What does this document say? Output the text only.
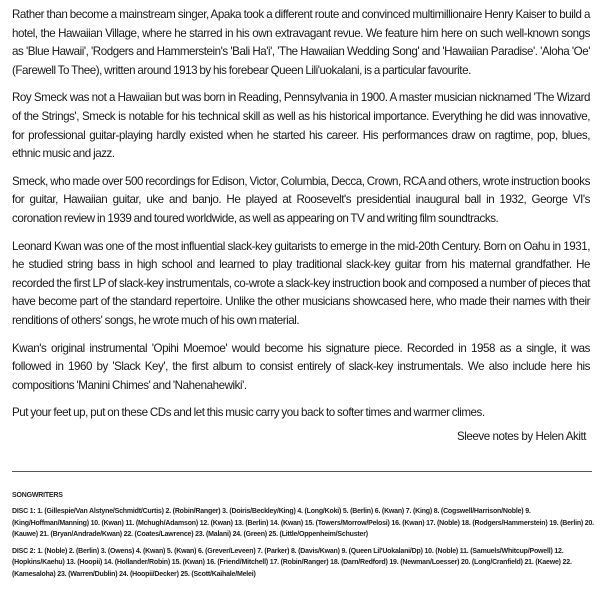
Rather than become a mainstream singer, Apaka took a different route and convinced multimillionaire Henry Kaiser to build a hotel, the Hawaiian Village, where he starred in his own extravagant revue. We feature him here on such well-known songs as 'Blue Hawaii', 'Rodgers and Hammerstein's 'Bali Ha'i', 'The Hawaiian Wedding Song' and 'Hawaiian Paradise'. 'Aloha 'Oe' (Farewell To Thee), written around 1913 by his forebear Queen Lili'uokalani, is a particular favourite.

Roy Smeck was not a Hawaiian but was born in Reading, Pennsylvania in 1900. A master musician nicknamed 'The Wizard of the Strings', Smeck is notable for his technical skill as well as his historical importance. Everything he did was innovative, for professional guitar-playing hardly existed when he started his career. His performances draw on ragtime, pop, blues, ethnic music and jazz.

Smeck, who made over 500 recordings for Edison, Victor, Columbia, Decca, Crown, RCA and others, wrote instruction books for guitar, Hawaiian guitar, uke and banjo. He played at Roosevelt's presidential inaugural ball in 1932, George VI's coronation review in 1939 and toured worldwide, as well as appearing on TV and writing film soundtracks.

Leonard Kwan was one of the most influential slack-key guitarists to emerge in the mid-20th Century. Born on Oahu in 1931, he studied string bass in high school and learned to play traditional slack-key guitar from his maternal grandfather. He recorded the first LP of slack-key instrumentals, co-wrote a slack-key instruction book and composed a number of pieces that have become part of the standard repertoire. Unlike the other musicians showcased here, who made their names with their renditions of others' songs, he wrote much of his own material.

Kwan's original instrumental 'Opihi Moemoe' would become his signature piece. Recorded in 1958 as a single, it was followed in 1960 by 'Slack Key', the first album to consist entirely of slack-key instrumentals. We also include here his compositions 'Manini Chimes' and 'Nahenahewiki'.

Put your feet up, put on these CDs and let this music carry you back to softer times and warmer climes.

Sleeve notes by Helen Akitt
SONGWRITERS

DISC 1: 1. (Gillespie/Van Alstyne/Schmidt/Curtis) 2. (Robin/Ranger) 3. (Doiris/Beckley/King) 4. (Long/Koki) 5. (Berlin) 6. (Kwan) 7. (King) 8. (Cogswell/Harrison/Noble) 9. (King/Hoffman/Manning) 10. (Kwan) 11. (Mchugh/Adamson) 12. (Kwan) 13. (Berlin) 14. (Kwan) 15. (Towers/Morrow/Pelosi) 16. (Kwan) 17. (Noble) 18. (Rodgers/Hammerstein) 19. (Berlin) 20. (Kauwe) 21. (Bryan/Andrade/Kwan) 22. (Coates/Lawrence) 23. (Malani) 24. (Green) 25. (Little/Oppenheim/Schuster)

DISC 2: 1. (Noble) 2. (Berlin) 3. (Owens) 4. (Kwan) 5. (Kwan) 6. (Grever/Leveen) 7. (Parker) 8. (Davis/Kwan) 9. (Queen Lil'Uokalani/Dp) 10. (Noble) 11. (Samuels/Whitcup/Powell) 12. (Hopkins/Kaehu) 13. (Hoopii) 14. (Hollander/Robin) 15. (Kwan) 16. (Friend/Mitchell) 17. (Robin/Ranger) 18. (Darn/Redford) 19. (Newman/Loesser) 20. (Long/Cranfield) 21. (Kaewe) 22. (Kamesaloha) 23. (Warren/Dublin) 24. (Hoopii/Decker) 25. (Scott/Kaihale/Melei)
